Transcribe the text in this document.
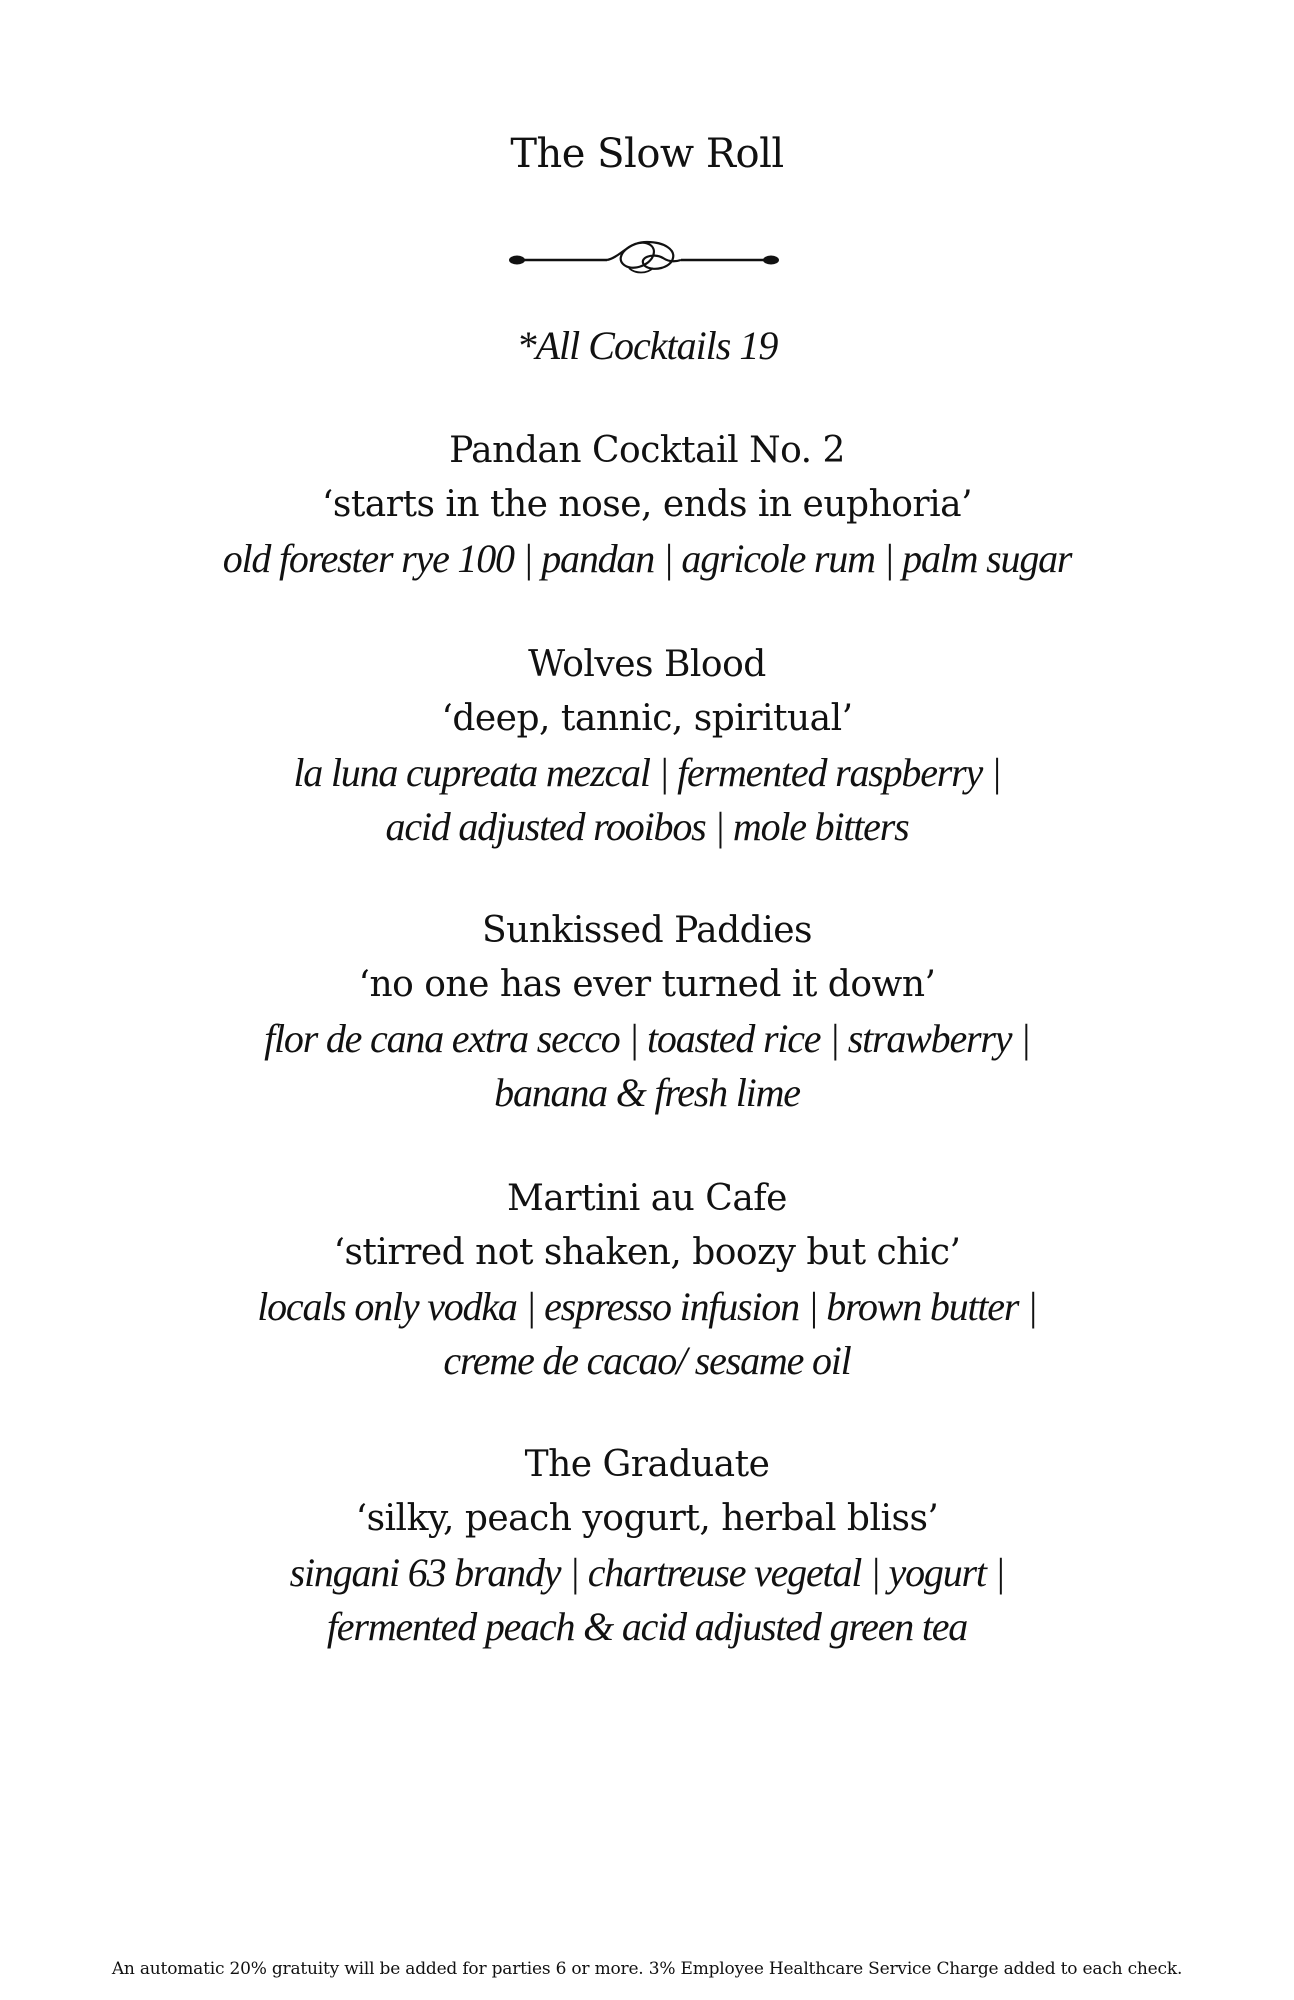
The Slow Roll
*All Cocktails 19
Pandan Cocktail No. 2
‘starts in the nose, ends in euphoria’
old forester rye 100 | pandan | agricole rum | palm sugar
Wolves Blood
‘deep, tannic, spiritual’
la luna cupreata mezcal | fermented raspberry |
acid adjusted rooibos | mole bitters
Sunkissed Paddies
‘no one has ever turned it down’
flor de cana extra secco | toasted rice | strawberry |
banana & fresh lime
Martini au Cafe
‘stirred not shaken, boozy but chic’
locals only vodka | espresso infusion | brown butter |
creme de cacao/ sesame oil
The Graduate
‘silky, peach yogurt, herbal bliss’
singani 63 brandy | chartreuse vegetal | yogurt |
fermented peach & acid adjusted green tea
An automatic 20% gratuity will be added for parties 6 or more. 3% Employee Healthcare Service Charge added to each check.
